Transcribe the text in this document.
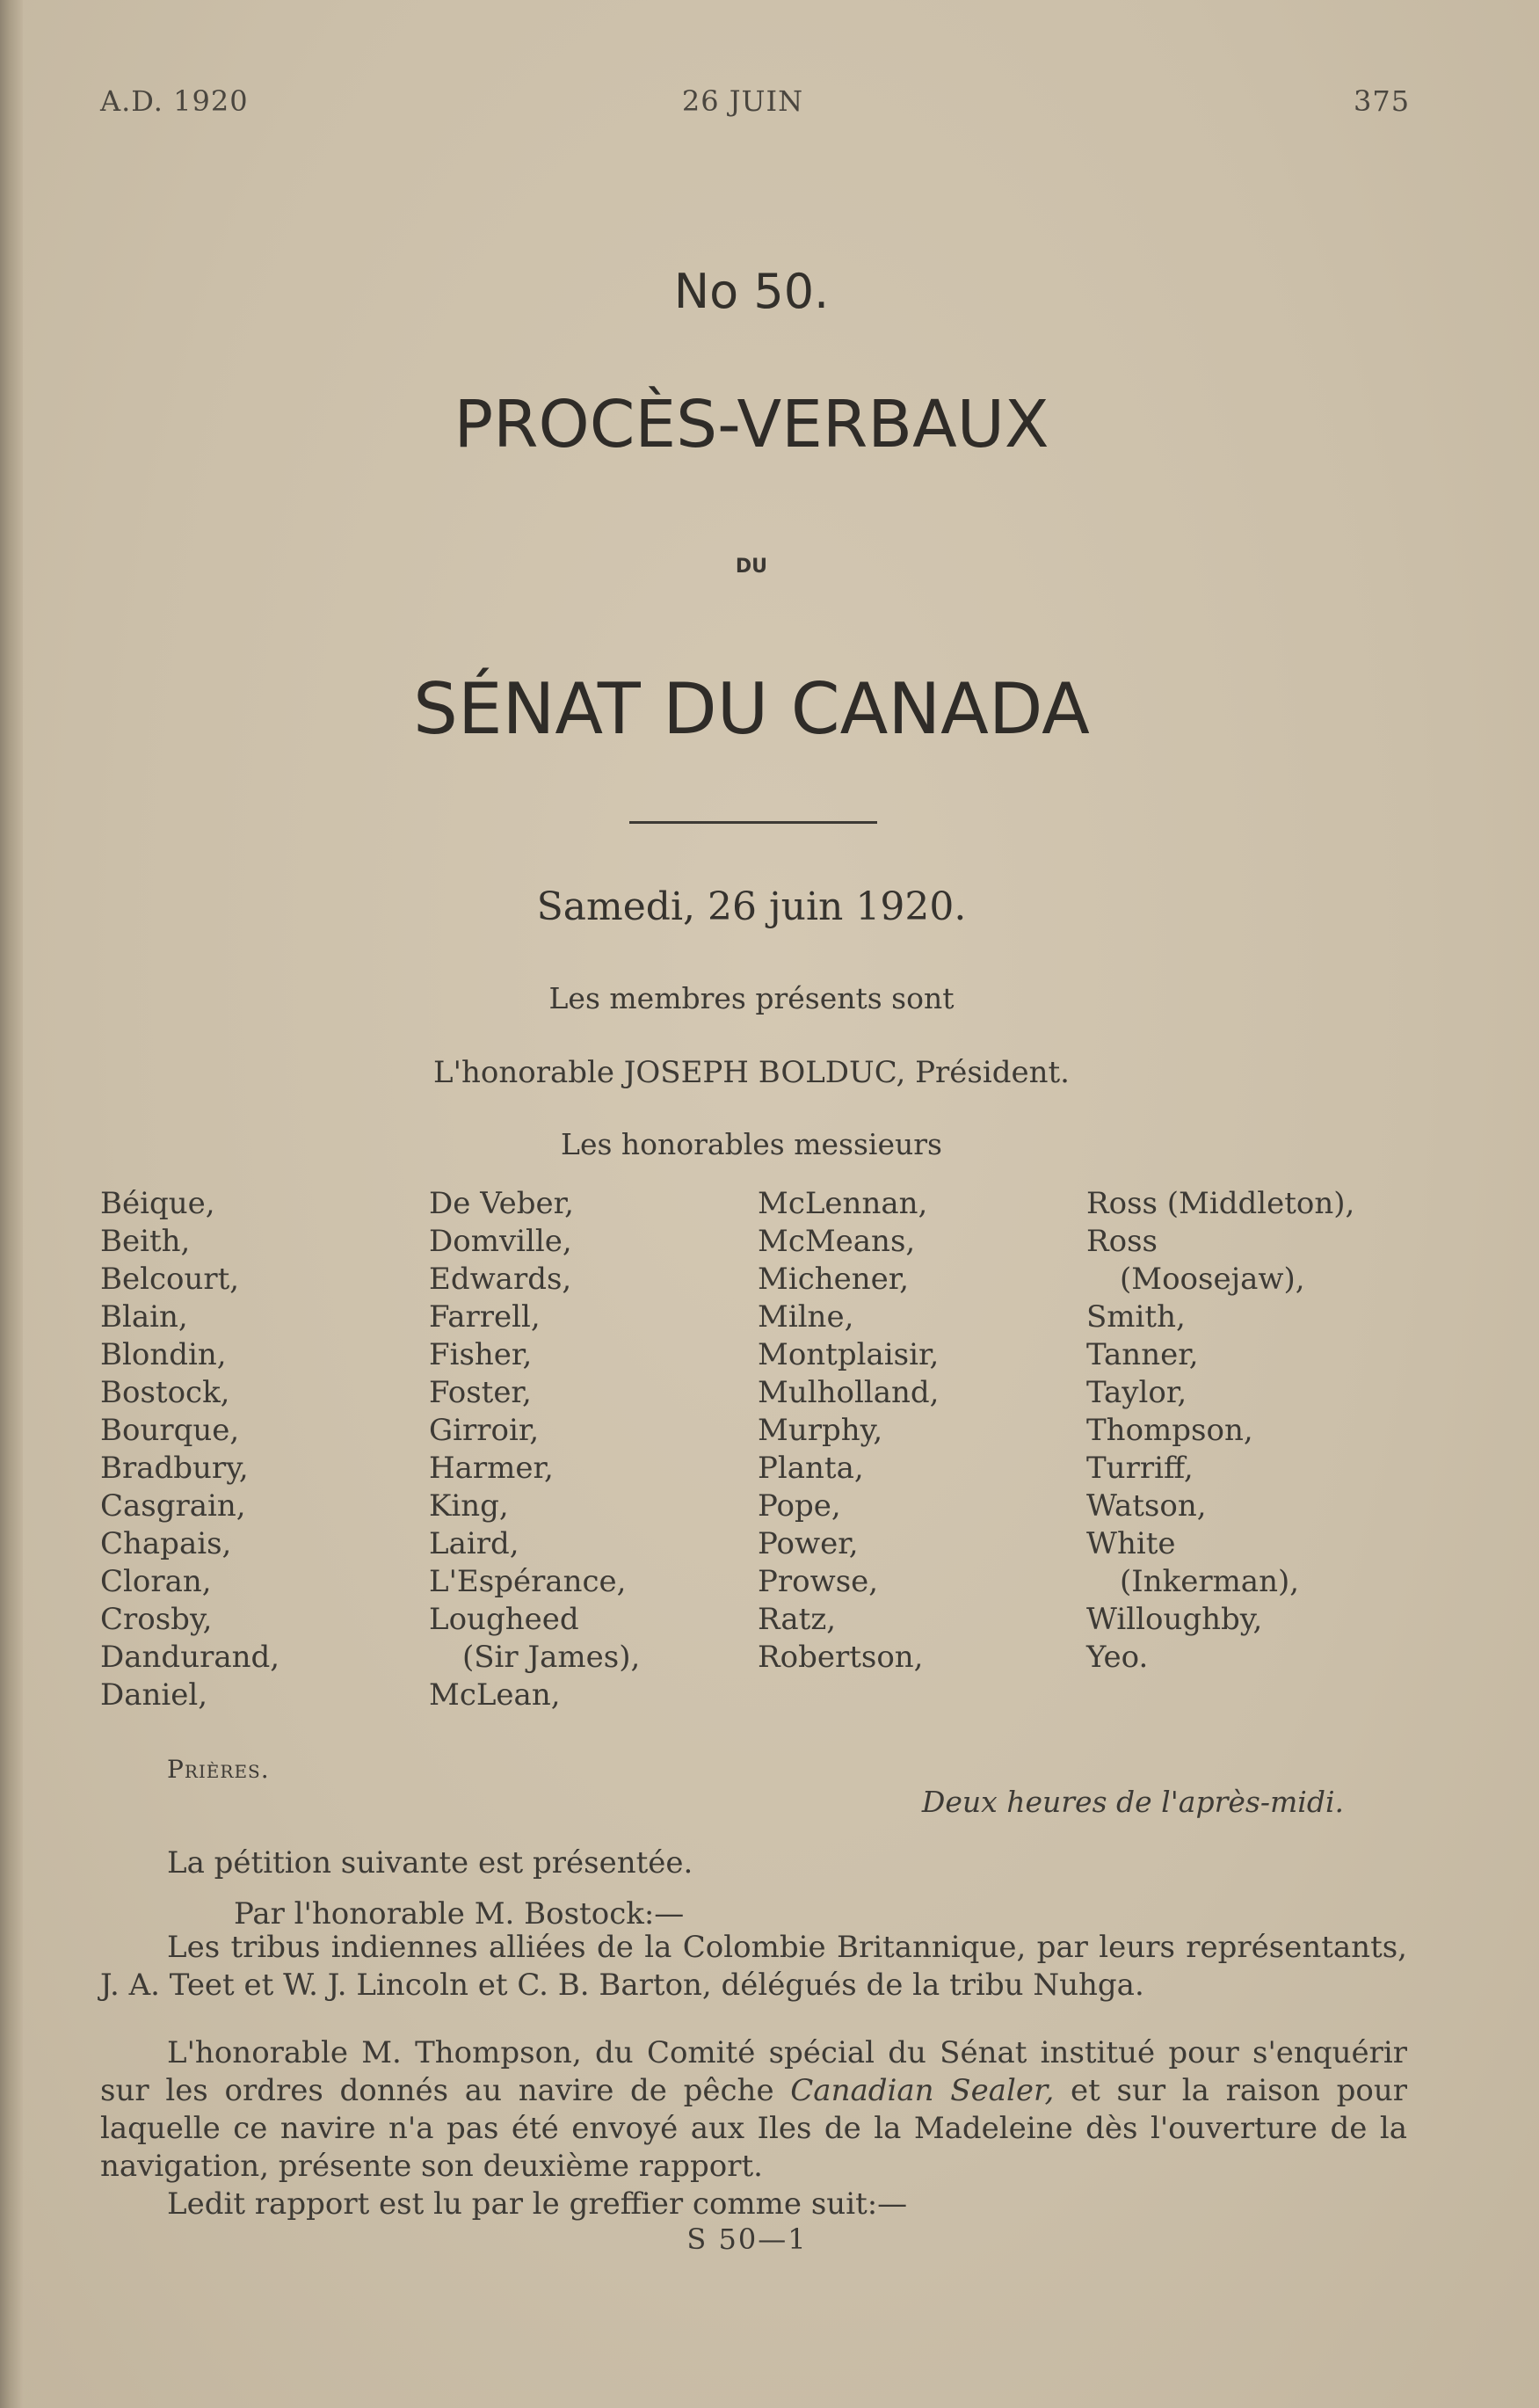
A.D. 1920	26 JUIN	375
No 50.
PROCÈS-VERBAUX
DU
SÉNAT DU CANADA
Samedi, 26 juin 1920.
Les membres présents sont
L'honorable JOSEPH BOLDUC, Président.
Les honorables messieurs
Béique,
Beith,
Belcourt,
Blain,
Blondin,
Bostock,
Bourque,
Bradbury,
Casgrain,
Chapais,
Cloran,
Crosby,
Dandurand,
Daniel,
De Veber,
Domville,
Edwards,
Farrell,
Fisher,
Foster,
Girroir,
Harmer,
King,
Laird,
L'Espérance,
Lougheed
(Sir James),
McLean,
McLennan,
McMeans,
Michener,
Milne,
Montplaisir,
Mulholland,
Murphy,
Planta,
Pope,
Power,
Prowse,
Ratz,
Robertson,
Ross (Middleton),
Ross
(Moosejaw),
Smith,
Tanner,
Taylor,
Thompson,
Turriff,
Watson,
White
(Inkerman),
Willoughby,
Yeo.
Prières.
Deux heures de l'après-midi.

La pétition suivante est présentée.

Par l'honorable M. Bostock:—

Les tribus indiennes alliées de la Colombie Britannique, par leurs représentants, J. A. Teet et W. J. Lincoln et C. B. Barton, délégués de la tribu Nuhga.

L'honorable M. Thompson, du Comité spécial du Sénat institué pour s'enquérir sur les ordres donnés au navire de pêche Canadian Sealer, et sur la raison pour laquelle ce navire n'a pas été envoyé aux Iles de la Madeleine dès l'ouverture de la navigation, présente son deuxième rapport.

Ledit rapport est lu par le greffier comme suit:—

S 50—1
